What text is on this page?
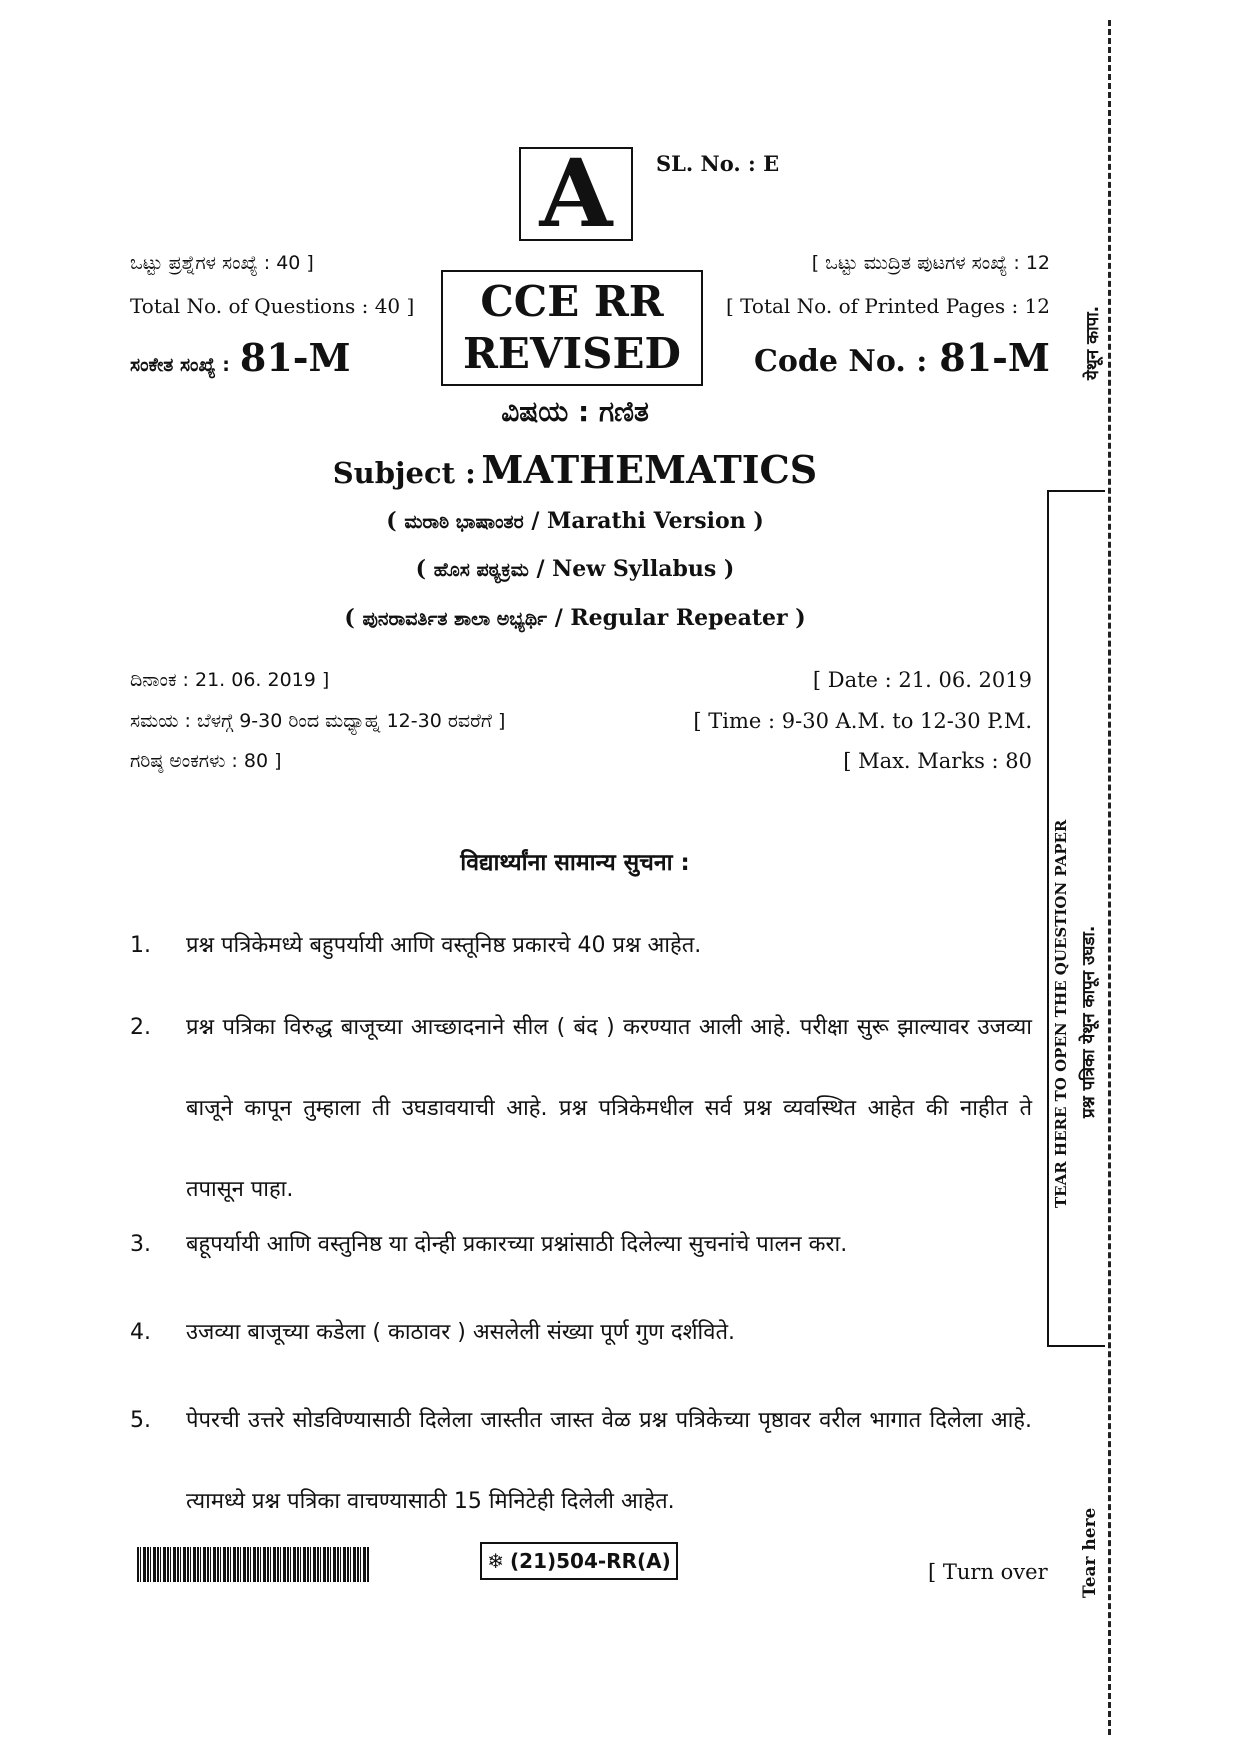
A SL. No. : E
ಒಟ್ಟು ಪ್ರಶ್ನೆಗಳ ಸಂಖ್ಯೆ : 40 ]
Total No. of Questions : 40 ]
ಸಂಕೇತ ಸಂಖ್ಯೆ : 81-M
CCE RR
REVISED
[ ಒಟ್ಟು ಮುದ್ರಿತ ಪುಟಗಳ ಸಂಖ್ಯೆ : 12
[ Total No. of Printed Pages : 12
Code No. : 81-M
ವಿಷಯ : ಗಣಿತ
Subject : MATHEMATICS
( ಮರಾಠಿ ಭಾಷಾಂತರ / Marathi Version )
( ಹೊಸ ಪಠ್ಯಕ್ರಮ / New Syllabus )
( ಪುನರಾವರ್ತಿತ ಶಾಲಾ ಅಭ್ಯರ್ಥಿ / Regular Repeater )
ದಿನಾಂಕ : 21. 06. 2019 ]	[ Date : 21. 06. 2019
ಸಮಯ : ಬೆಳಗ್ಗೆ 9-30 ರಿಂದ ಮಧ್ಯಾಹ್ನ 12-30 ರವರೆಗೆ ]	[ Time : 9-30 A.M. to 12-30 P.M.
ಗರಿಷ್ಠ ಅಂಕಗಳು : 80 ]	[ Max. Marks : 80
विद्यार्थ्यांना सामान्य सुचना :
1. प्रश्न पत्रिकेमध्ये बहुपर्यायी आणि वस्तूनिष्ठ प्रकारचे 40 प्रश्न आहेत.
2. प्रश्न पत्रिका विरुद्ध बाजूच्या आच्छादनाने सील ( बंद ) करण्यात आली आहे. परीक्षा सुरू झाल्यावर उजव्या बाजूने कापून तुम्हाला ती उघडावयाची आहे. प्रश्न पत्रिकेमधील सर्व प्रश्न व्यवस्थित आहेत की नाहीत ते तपासून पाहा.
3. बहूपर्यायी आणि वस्तुनिष्ठ या दोन्ही प्रकारच्या प्रश्नांसाठी दिलेल्या सुचनांचे पालन करा.
4. उजव्या बाजूच्या कडेला ( काठावर ) असलेली संख्या पूर्ण गुण दर्शविते.
5. पेपरची उत्तरे सोडविण्यासाठी दिलेला जास्तीत जास्त वेळ प्रश्न पत्रिकेच्या पृष्ठावर वरील भागात दिलेला आहे. त्यामध्ये प्रश्न पत्रिका वाचण्यासाठी 15 मिनिटेही दिलेली आहेत.
येथून कापा.
TEAR HERE TO OPEN THE QUESTION PAPER प्रश्न पत्रिका येथून कापून उघडा.
Tear here
❄ (21)504-RR(A)	[ Turn over
